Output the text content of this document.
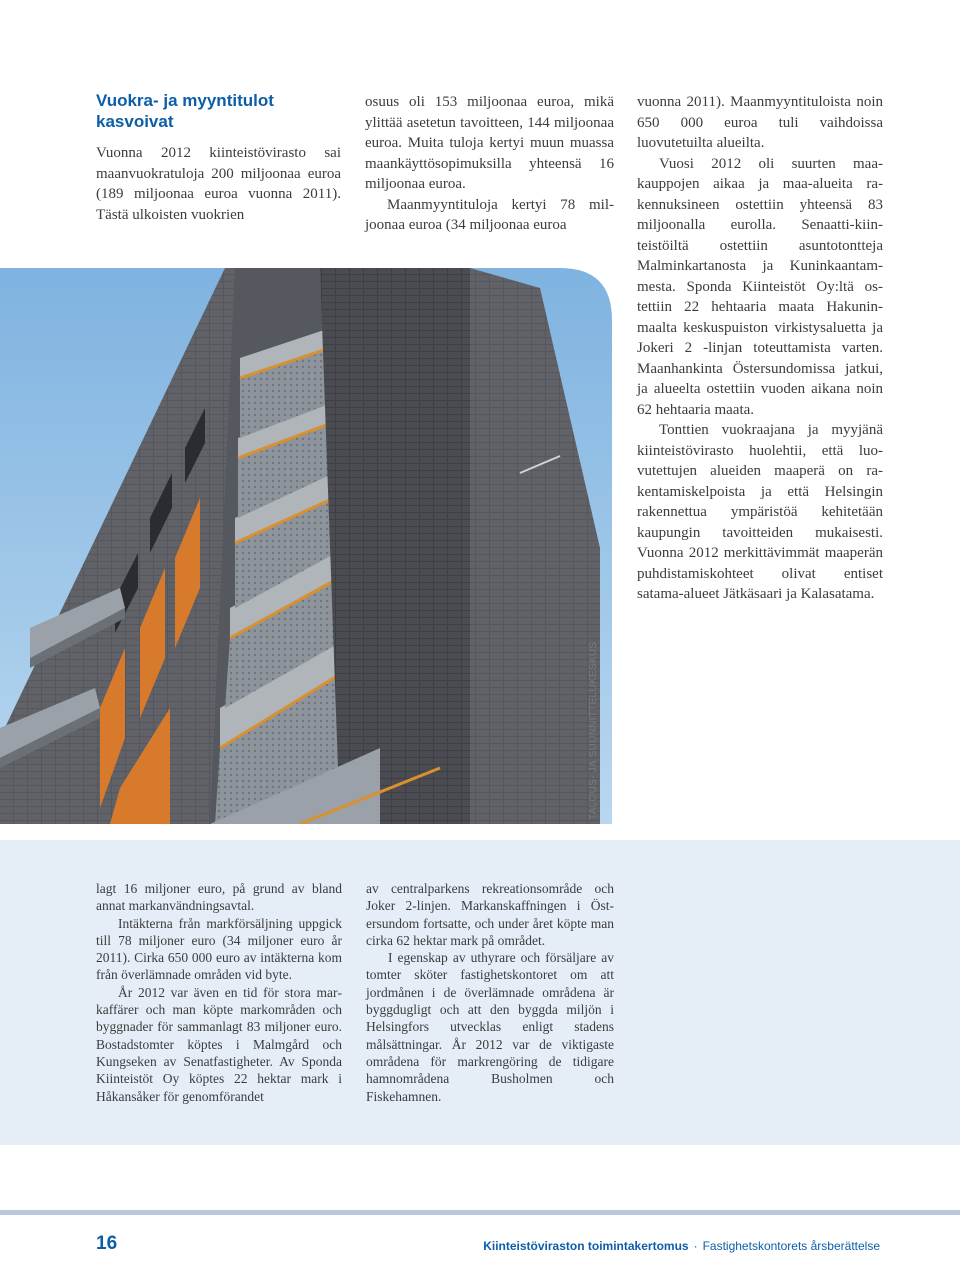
Vuokra- ja myyntitulot kasvoivat

Vuonna 2012 kiinteistövirasto sai maanvuokratuloja 200 miljoonaa euroa (189 miljoonaa euroa vuonna 2011). Tästä ulkoisten vuokrien

osuus oli 153 miljoonaa euroa, mikä ylittää asetetun tavoitteen, 144 miljoonaa euroa. Muita tuloja kertyi muun muassa maankäyttösopimuksilla yhteensä 16 miljoonaa euroa.

Maanmyyntituloja kertyi 78 miljoonaa euroa (34 miljoonaa euroa

vuonna 2011). Maanmyyntituloista noin 650 000 euroa tuli vaihdoissa luovutetuilta alueilta.

Vuosi 2012 oli suurten maakauppojen aikaa ja maa-alueita rakennuksineen ostettiin yhteensä 83 miljoonalla eurolla. Senaatti-kiinteistöiltä ostettiin asuntotontteja Malminkartanosta ja Kuninkaantammesta. Sponda Kiinteistöt Oy:ltä ostettiin 22 hehtaaria maata Hakuninmaalta keskuspuiston virkistysaluetta ja Jokeri 2 -linjan toteuttamista varten. Maanhankinta Östersundomissa jatkui, ja alueelta ostettiin vuoden aikana noin 62 hehtaaria maata.

Tonttien vuokraajana ja myyjänä kiinteistövirasto huolehtii, että luovutettujen alueiden maaperä on rakentamiskelpoista ja että Helsingin rakennettua ympäristöä kehitetään kaupungin tavoitteiden mukaisesti. Vuonna 2012 merkittävimmät maaperän puhdistamiskohteet olivat entiset satama-alueet Jätkäsaari ja Kalasatama.

TALOUS- JA SUUNNITTELUKESKUS

lagt 16 miljoner euro, på grund av bland annat markanvändningsavtal.

Intäkterna från markförsäljning uppgick till 78 miljoner euro (34 miljoner euro år 2011). Cirka 650 000 euro av intäkterna kom från överlämnade områden vid byte.

År 2012 var även en tid för stora markaffärer och man köpte markområden och byggnader för sammanlagt 83 miljoner euro. Bostadstomter köptes i Malmgård och Kungseken av Senatfastigheter. Av Sponda Kiinteistöt Oy köptes 22 hektar mark i Håkansåker för genomförandet

av centralparkens rekreationsområde och Joker 2-linjen. Markanskaffningen i Östersundom fortsatte, och under året köpte man cirka 62 hektar mark på området.

I egenskap av uthyrare och försäljare av tomter sköter fastighetskontoret om att jordmånen i de överlämnade områdena är byggdugligt och att den byggda miljön i Helsingfors utvecklas enligt stadens målsättningar. År 2012 var de viktigaste områdena för markrengöring de tidigare hamnområdena Busholmen och Fiskehamnen.

16	Kiinteistöviraston toimintakertomus · Fastighetskontorets årsberättelse
